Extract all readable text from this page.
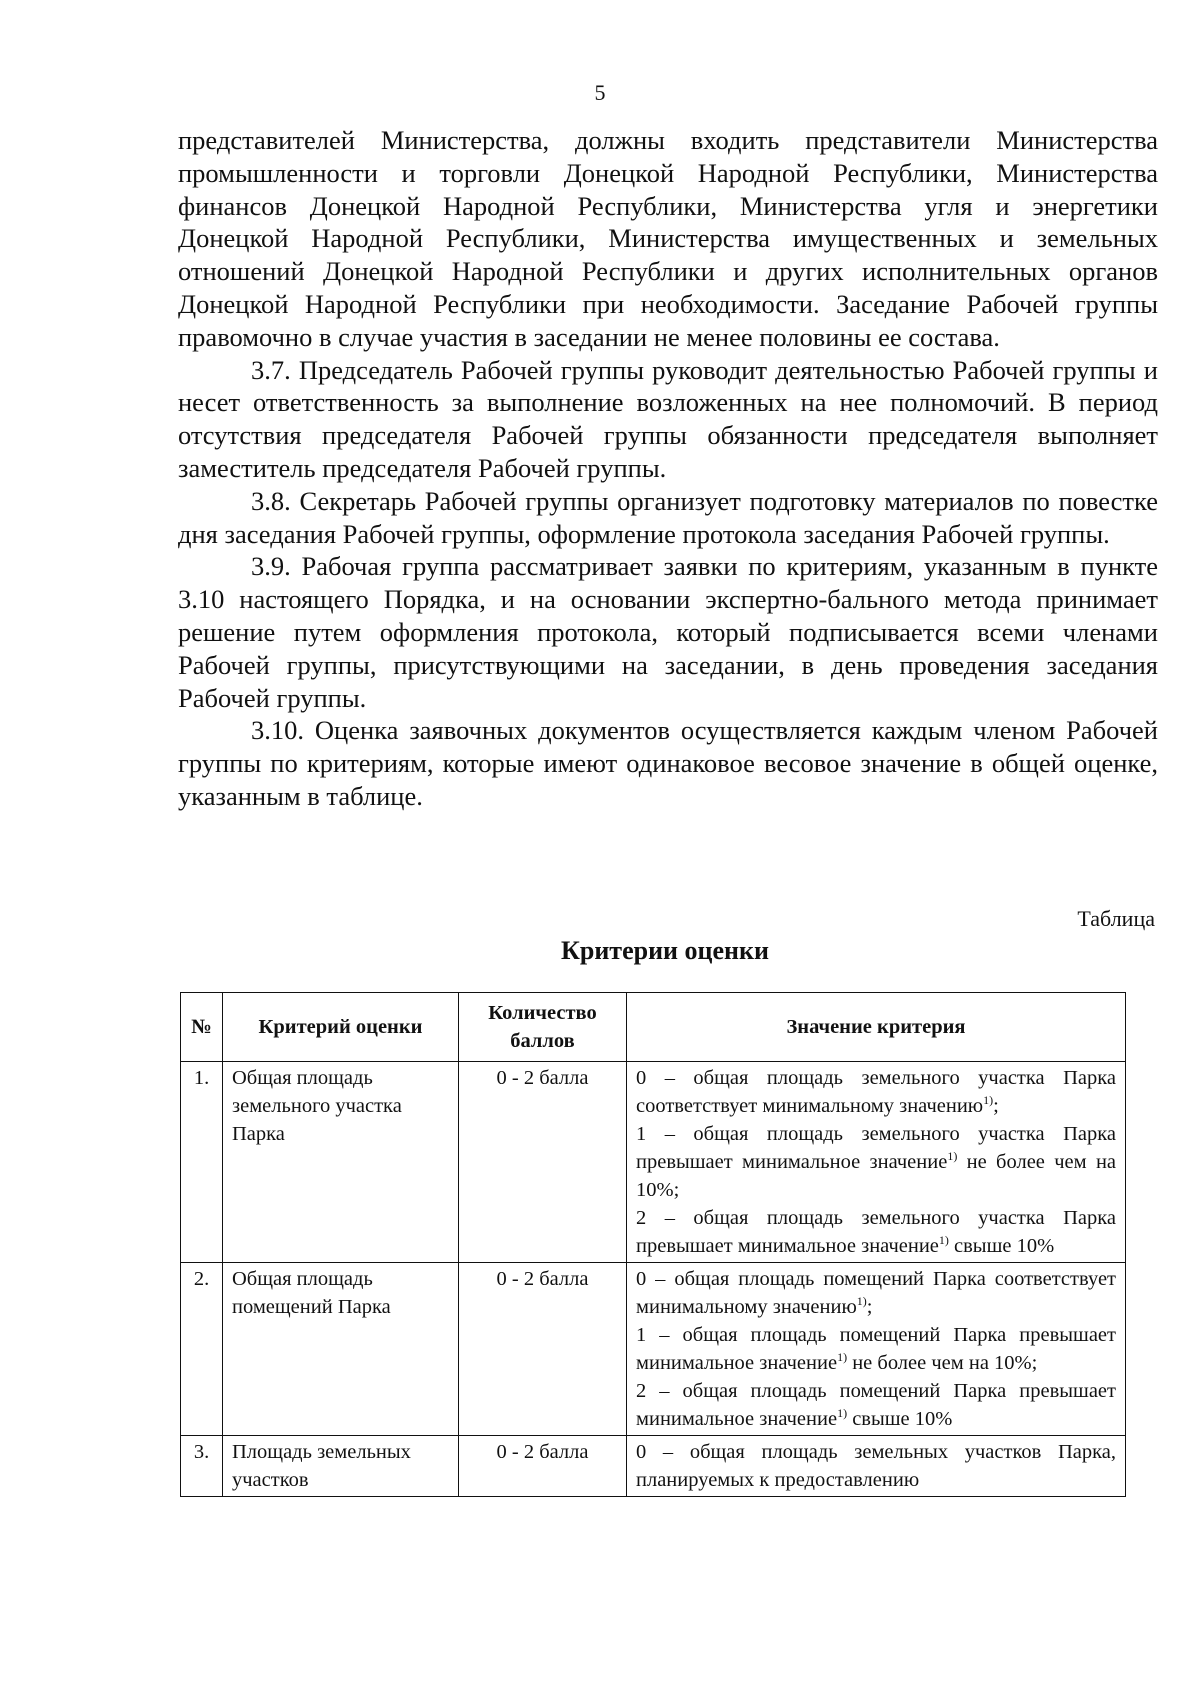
5

представителей Министерства, должны входить представители Министерства промышленности и торговли Донецкой Народной Республики, Министерства финансов Донецкой Народной Республики, Министерства угля и энергетики Донецкой Народной Республики, Министерства имущественных и земельных отношений Донецкой Народной Республики и других исполнительных органов Донецкой Народной Республики при необходимости. Заседание Рабочей группы правомочно в случае участия в заседании не менее половины ее состава.

3.7. Председатель Рабочей группы руководит деятельностью Рабочей группы и несет ответственность за выполнение возложенных на нее полномочий. В период отсутствия председателя Рабочей группы обязанности председателя выполняет заместитель председателя Рабочей группы.

3.8. Секретарь Рабочей группы организует подготовку материалов по повестке дня заседания Рабочей группы, оформление протокола заседания Рабочей группы.

3.9. Рабочая группа рассматривает заявки по критериям, указанным в пункте 3.10 настоящего Порядка, и на основании экспертно-бального метода принимает решение путем оформления протокола, который подписывается всеми членами Рабочей группы, присутствующими на заседании, в день проведения заседания Рабочей группы.

3.10. Оценка заявочных документов осуществляется каждым членом Рабочей группы по критериям, которые имеют одинаковое весовое значение в общей оценке, указанным в таблице.

Таблица
Критерии оценки
№	Критерий оценки	Количество баллов	Значение критерия
1.	Общая площадь земельного участка Парка	0 - 2 балла	0 – общая площадь земельного участка Парка соответствует минимальному значению$^{1)}$;
1 – общая площадь земельного участка Парка превышает минимальное значение$^{1)}$ не более чем на 10%;
2 – общая площадь земельного участка Парка превышает минимальное значение$^{1)}$ свыше 10%

2.	Общая площадь помещений Парка	0 - 2 балла	0 – общая площадь помещений Парка соответствует минимальному значению$^{1)}$;
1 – общая площадь помещений Парка превышает минимальное значение$^{1)}$ не более чем на 10%;
2 – общая площадь помещений Парка превышает минимальное значение$^{1)}$ свыше 10%

3.	Площадь земельных участков	0 - 2 балла	0 – общая площадь земельных участков Парка, планируемых к предоставлению
